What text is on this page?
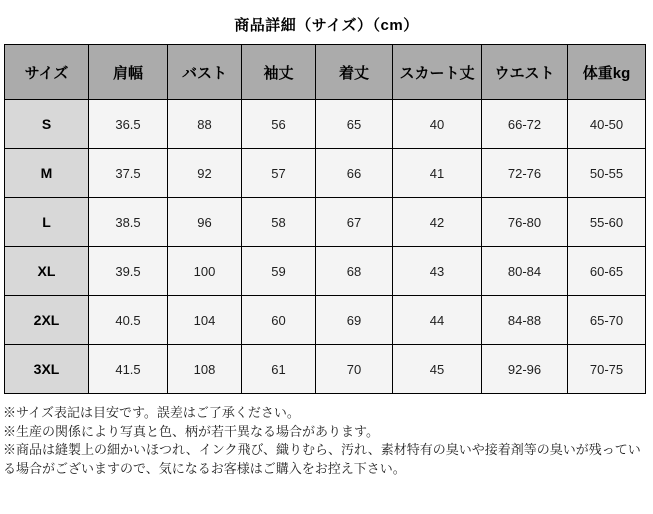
商品詳細（サイズ）（cm）
サイズ	肩幅	バスト	袖丈	着丈	スカート丈	ウエスト	体重kg
S	36.5	88	56	65	40	66-72	40-50
M	37.5	92	57	66	41	72-76	50-55
L	38.5	96	58	67	42	76-80	55-60
XL	39.5	100	59	68	43	80-84	60-65
2XL	40.5	104	60	69	44	84-88	65-70
3XL	41.5	108	61	70	45	92-96	70-75

※サイズ表記は目安です。誤差はご了承ください。

※生産の関係により写真と色、柄が若干異なる場合があります。

※商品は縫製上の細かいほつれ、インク飛び、織りむら、汚れ、素材特有の臭いや接着剤等の臭いが残っている場合がございますので、気になるお客様はご購入をお控え下さい。
